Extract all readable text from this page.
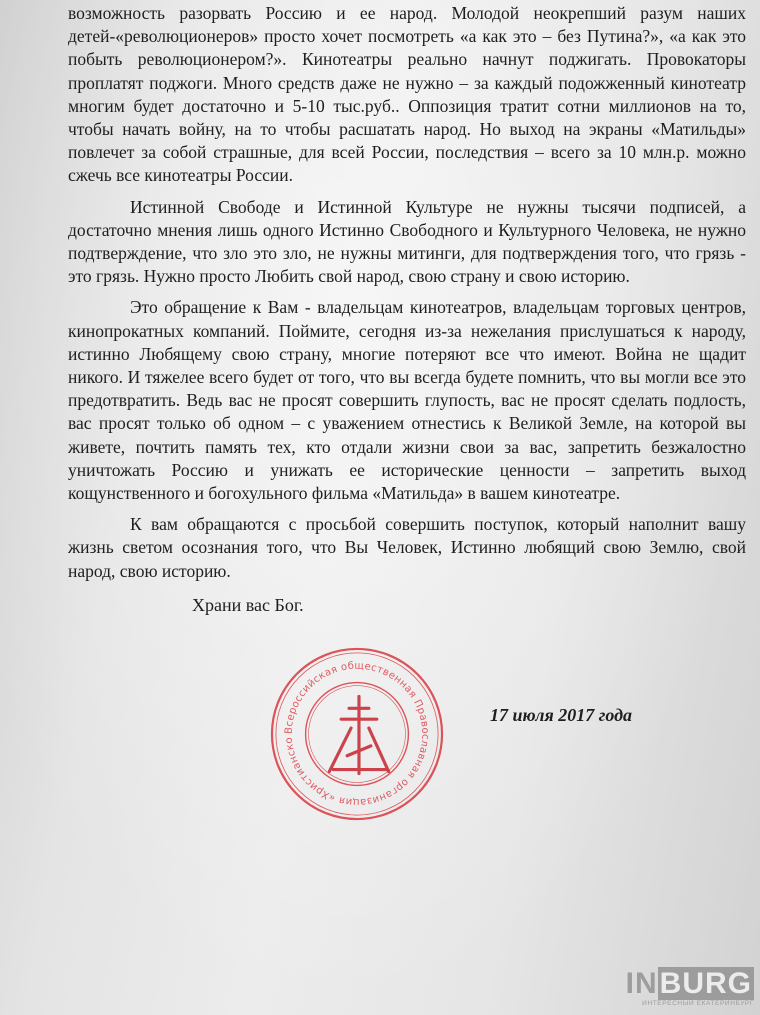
возможность разорвать Россию и ее народ. Молодой неокрепший разум наших детей-«революционеров» просто хочет посмотреть «а как это – без Путина?», «а как это побыть революционером?». Кинотеатры реально начнут поджигать. Провокаторы проплатят поджоги. Много средств даже не нужно – за каждый подожженный кинотеатр многим будет достаточно и 5-10 тыс.руб.. Оппозиция тратит сотни миллионов на то, чтобы начать войну, на то чтобы расшатать народ. Но выход на экраны «Матильды» повлечет за собой страшные, для всей России, последствия – всего за 10 млн.р. можно сжечь все кинотеатры России.

Истинной Свободе и Истинной Культуре не нужны тысячи подписей, а достаточно мнения лишь одного Истинно Свободного и Культурного Человека, не нужно подтверждение, что зло это зло, не нужны митинги, для подтверждения того, что грязь - это грязь. Нужно просто Любить свой народ, свою страну и свою историю.

Это обращение к Вам - владельцам кинотеатров, владельцам торговых центров, кинопрокатных компаний. Поймите, сегодня из-за нежелания прислушаться к народу, истинно Любящему свою страну, многие потеряют все что имеют. Война не щадит никого. И тяжелее всего будет от того, что вы всегда будете помнить, что вы могли все это предотвратить. Ведь вас не просят совершить глупость, вас не просят сделать подлость, вас просят только об одном – с уважением отнестись к Великой Земле, на которой вы живете, почтить память тех, кто отдали жизни свои за вас, запретить безжалостно уничтожать Россию и унижать ее исторические ценности – запретить выход кощунственного и богохульного фильма «Матильда» в вашем кинотеатре.

К вам обращаются с просьбой совершить поступок, который наполнит вашу жизнь светом осознания того, что Вы Человек, Истинно любящий свою Землю, свой народ, свою историю.

Храни вас Бог.
Всероссийская общественная Православная организация «Христианско
17 июля 2017 года
INBURG
ИНТЕРЕСНЫЙ ЕКАТЕРИНБУРГ
